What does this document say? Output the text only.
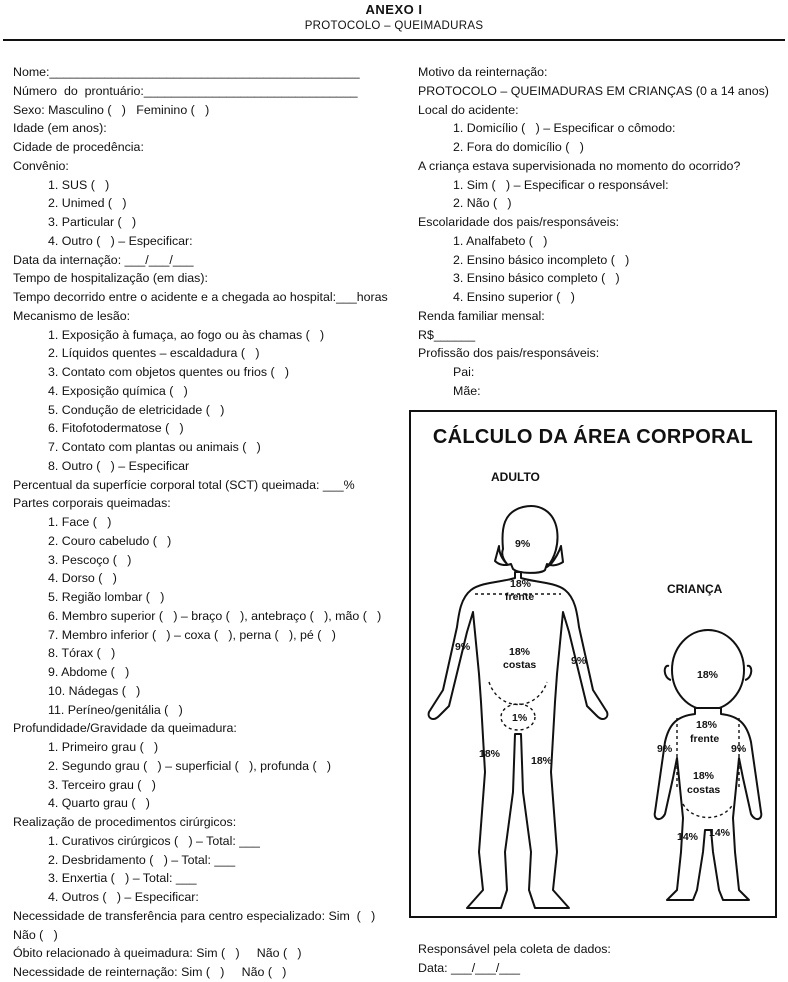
ANEXO I
PROTOCOLO – QUEIMADURAS
Nome:_____________________________________________
Número  do  prontuário:_______________________________
Sexo: Masculino (   )   Feminino (   )
Idade (em anos):
Cidade de procedência:
Convênio:
1. SUS (   )
2. Unimed (   )
3. Particular (   )
4. Outro (   ) – Especificar:
Data da internação: ___/___/___
Tempo de hospitalização (em dias):
Tempo decorrido entre o acidente e a chegada ao hospital:___horas
Mecanismo de lesão:
1. Exposição à fumaça, ao fogo ou às chamas (   )
2. Líquidos quentes – escaldadura (   )
3. Contato com objetos quentes ou frios (   )
4. Exposição química (   )
5. Condução de eletricidade (   )
6. Fitofotodermatose (   )
7. Contato com plantas ou animais (   )
8. Outro (   ) – Especificar
Percentual da superfície corporal total (SCT) queimada: ___%
Partes corporais queimadas:
1. Face (   )
2. Couro cabeludo (   )
3. Pescoço (   )
4. Dorso (   )
5. Região lombar (   )
6. Membro superior (   ) – braço (   ), antebraço (   ), mão (   )
7. Membro inferior (   ) – coxa (   ), perna (   ), pé (   )
8. Tórax (   )
9. Abdome (   )
10. Nádegas (   )
11. Períneo/genitália (   )
Profundidade/Gravidade da queimadura:
1. Primeiro grau (   )
2. Segundo grau (   ) – superficial (   ), profunda (   )
3. Terceiro grau (   )
4. Quarto grau (   )
Realização de procedimentos cirúrgicos:
1. Curativos cirúrgicos (   ) – Total: ___
2. Desbridamento (   ) – Total: ___
3. Enxertia (   ) – Total: ___
4. Outros (   ) – Especificar:
Necessidade de transferência para centro especializado: Sim  (   )
Não (   )
Óbito relacionado à queimadura: Sim (   )     Não (   )
Necessidade de reinternação: Sim (   )     Não (   )
Motivo da reinternação:
PROTOCOLO – QUEIMADURAS EM CRIANÇAS (0 a 14 anos)
Local do acidente:
1. Domicílio (   ) – Especificar o cômodo:
2. Fora do domicílio (   )
A criança estava supervisionada no momento do ocorrido?
1. Sim (   ) – Especificar o responsável:
2. Não (   )
Escolaridade dos pais/responsáveis:
1. Analfabeto (   )
2. Ensino básico incompleto (   )
3. Ensino básico completo (   )
4. Ensino superior (   )
Renda familiar mensal:
R$______
Profissão dos pais/responsáveis:
Pai:
Mãe:
CÁLCULO DA ÁREA CORPORAL
ADULTO
CRIANÇA
9%
18%
frente
18%
costas
9%
9%
1%
18%
18%
18%
18%
frente
18%
costas
9%	9%
14% 14%
Responsável pela coleta de dados:
Data: ___/___/___
